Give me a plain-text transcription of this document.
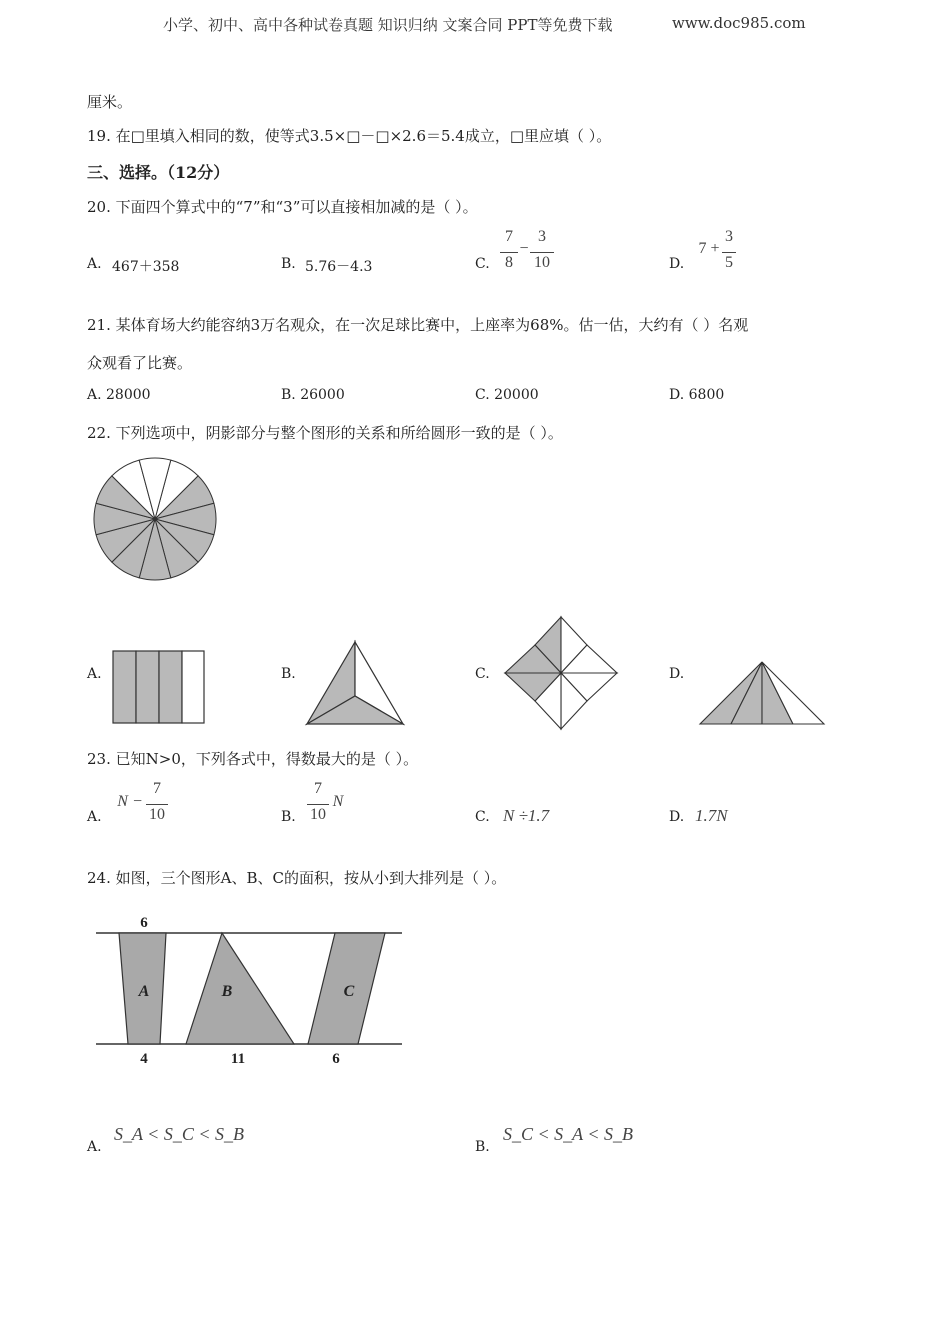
小学、初中、高中各种试卷真题 知识归纳 文案合同 PPT等免费下载	www.doc985.com
厘米。
19. 在□里填入相同的数，使等式3.5×□－□×2.6＝5.4成立，□里应填（ ）。
三、选择。（12分）
20. 下面四个算式中的“7”和“3”可以直接相加减的是（ ）。
A. 467＋358	B. 5.76－4.3	C.
7
8
−
3
10	D.
7 +
3
5
21. 某体育场大约能容纳3万名观众，在一次足球比赛中，上座率为68%。估一估，大约有（ ）名观
众观看了比赛。
A. 28000	B. 26000	C. 20000	D. 6800
22. 下列选项中，阴影部分与整个图形的关系和所给圆形一致的是（ ）。
A.	B.	C.	D.
23. 已知N>0，下列各式中，得数最大的是（ ）。
A.
N −
7
10	B.
7
10
N
C. N ÷1.7	D. 1.7N
24. 如图，三个图形A、B、C的面积，按从小到大排列是（ ）。
6
A	B	C
4	11	6
A.
S_A < S_C < S_B
B.
S_C < S_A < S_B
